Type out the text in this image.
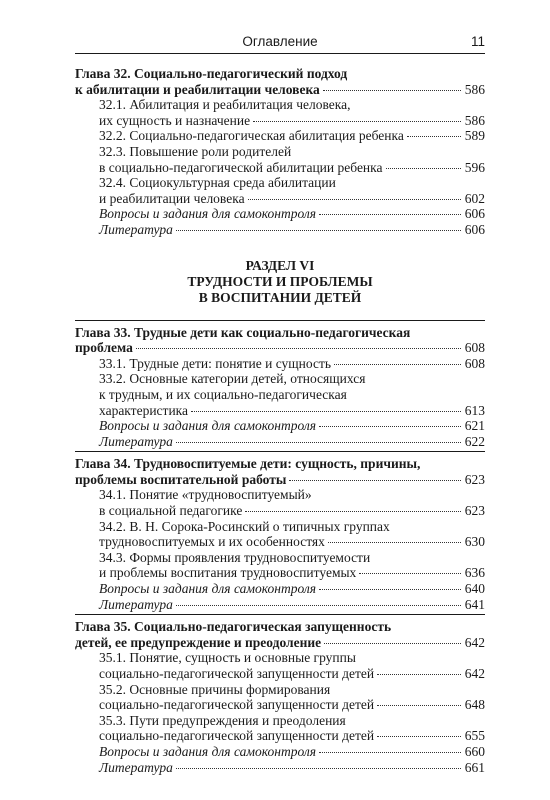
Оглавление	11
Глава 32. Социально-педагогический подход
к абилитации и реабилитации человека	586
32.1. Абилитация и реабилитация человека,
их сущность и назначение	586
32.2. Социально-педагогическая абилитация ребенка	589
32.3. Повышение роли родителей
в социально-педагогической абилитации ребенка	596
32.4. Социокультурная среда абилитации
и реабилитации человека	602
Вопросы и задания для самоконтроля	606
Литература	606
РАЗДЕЛ VI
ТРУДНОСТИ И ПРОБЛЕМЫ
В ВОСПИТАНИИ ДЕТЕЙ
Глава 33. Трудные дети как социально-педагогическая
проблема	608
33.1. Трудные дети: понятие и сущность	608
33.2. Основные категории детей, относящихся
к трудным, и их социально-педагогическая
характеристика	613
Вопросы и задания для самоконтроля	621
Литература	622
Глава 34. Трудновоспитуемые дети: сущность, причины,
проблемы воспитательной работы	623
34.1. Понятие «трудновоспитуемый»
в социальной педагогике	623
34.2. В. Н. Сорока-Росинский о типичных группах
трудновоспитуемых и их особенностях	630
34.3. Формы проявления трудновоспитуемости
и проблемы воспитания трудновоспитуемых	636
Вопросы и задания для самоконтроля	640
Литература	641
Глава 35. Социально-педагогическая запущенность
детей, ее предупреждение и преодоление	642
35.1. Понятие, сущность и основные группы
социально-педагогической запущенности детей	642
35.2. Основные причины формирования
социально-педагогической запущенности детей	648
35.3. Пути предупреждения и преодоления
социально-педагогической запущенности детей	655
Вопросы и задания для самоконтроля	660
Литература	661
